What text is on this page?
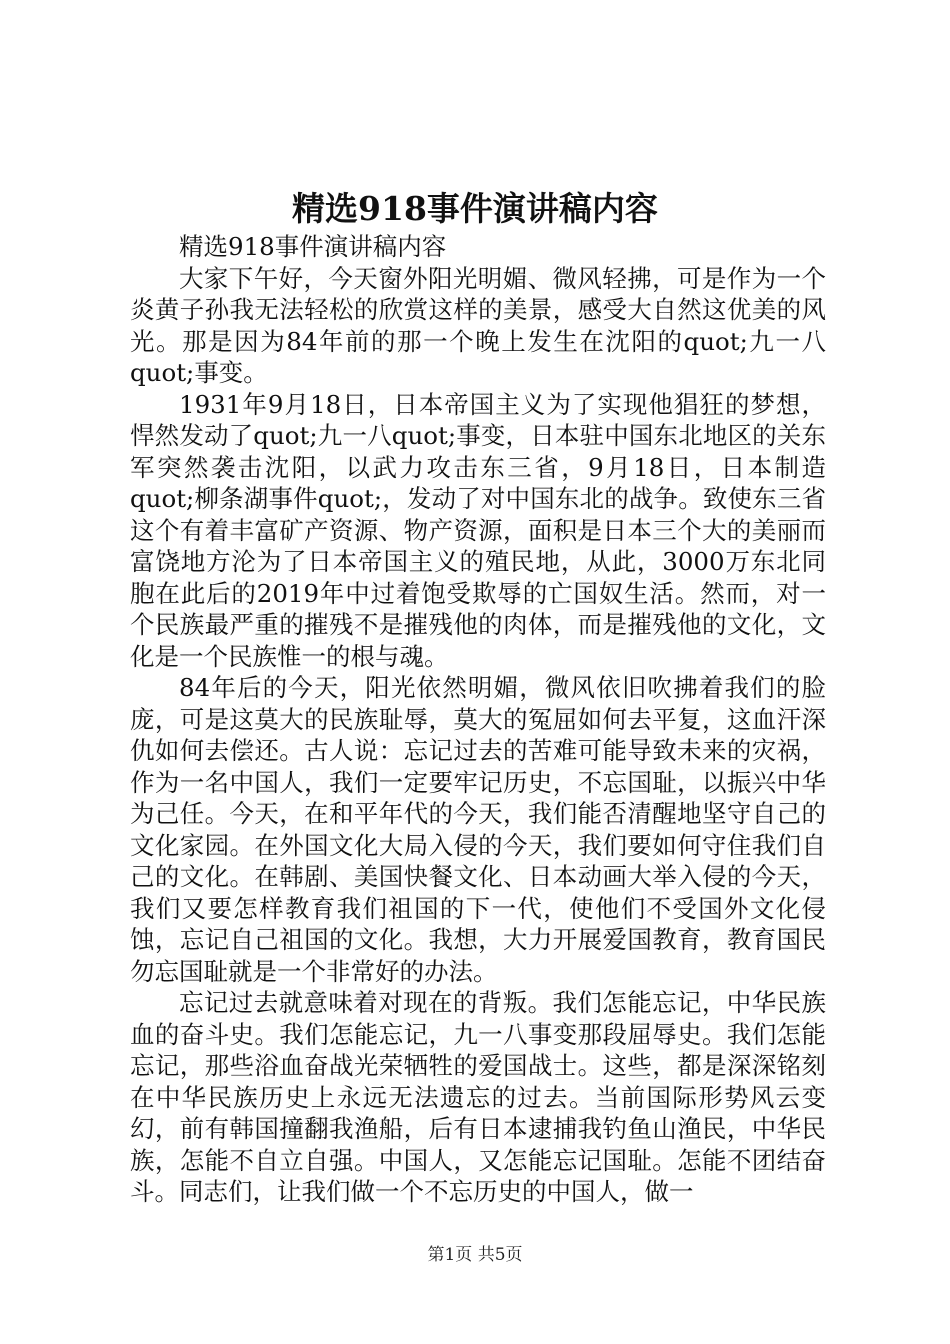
精选918事件演讲稿内容

精选918事件演讲稿内容

大家下午好，今天窗外阳光明媚、微风轻拂，可是作为一个炎黄子孙我无法轻松的欣赏这样的美景，感受大自然这优美的风光。那是因为84年前的那一个晚上发生在沈阳的quot;九一八quot;事变。

1931年9月18日，日本帝国主义为了实现他猖狂的梦想，悍然发动了quot;九一八quot;事变，日本驻中国东北地区的关东军突然袭击沈阳，以武力攻击东三省，9月18日，日本制造quot;柳条湖事件quot;，发动了对中国东北的战争。致使东三省这个有着丰富矿产资源、物产资源，面积是日本三个大的美丽而富饶地方沦为了日本帝国主义的殖民地，从此，3000万东北同胞在此后的2019年中过着饱受欺辱的亡国奴生活。然而，对一个民族最严重的摧残不是摧残他的肉体，而是摧残他的文化，文化是一个民族惟一的根与魂。

84年后的今天，阳光依然明媚，微风依旧吹拂着我们的脸庞，可是这莫大的民族耻辱，莫大的冤屈如何去平复，这血汗深仇如何去偿还。古人说：忘记过去的苦难可能导致未来的灾祸，作为一名中国人，我们一定要牢记历史，不忘国耻，以振兴中华为己任。今天，在和平年代的今天，我们能否清醒地坚守自己的文化家园。在外国文化大局入侵的今天，我们要如何守住我们自己的文化。在韩剧、美国快餐文化、日本动画大举入侵的今天，我们又要怎样教育我们祖国的下一代，使他们不受国外文化侵蚀，忘记自己祖国的文化。我想，大力开展爱国教育，教育国民勿忘国耻就是一个非常好的办法。

忘记过去就意味着对现在的背叛。我们怎能忘记，中华民族血的奋斗史。我们怎能忘记，九一八事变那段屈辱史。我们怎能忘记，那些浴血奋战光荣牺牲的爱国战士。这些，都是深深铭刻在中华民族历史上永远无法遗忘的过去。当前国际形势风云变幻，前有韩国撞翻我渔船，后有日本逮捕我钓鱼山渔民，中华民族，怎能不自立自强。中国人，又怎能忘记国耻。怎能不团结奋斗。同志们，让我们做一个不忘历史的中国人，做一

第1页 共5页
